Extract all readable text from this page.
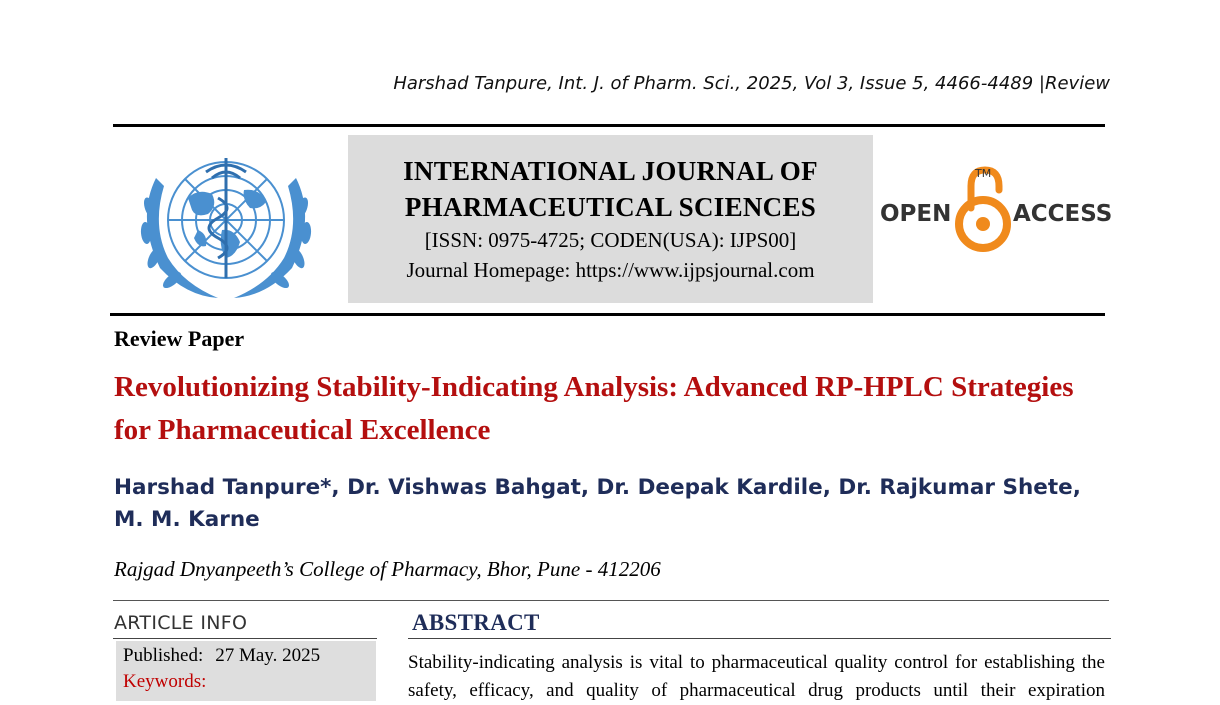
Harshad Tanpure, Int. J. of Pharm. Sci., 2025, Vol 3, Issue 5, 4466-4489 |Review

INTERNATIONAL JOURNAL OF

PHARMACEUTICAL SCIENCES

[ISSN: 0975-4725; CODEN(USA): IJPS00]

Journal Homepage: https://www.ijpsjournal.com

OPEN
TM
ACCESS
Review Paper
Revolutionizing Stability-Indicating Analysis: Advanced RP-HPLC Strategies for Pharmaceutical Excellence

Harshad Tanpure*, Dr. Vishwas Bahgat, Dr. Deepak Kardile, Dr. Rajkumar Shete, M. M. Karne

Rajgad Dnyanpeeth’s College of Pharmacy, Bhor, Pune - 412206
ARTICLE INFO
Published: 27 May. 2025
Keywords:
ABSTRACT

Stability-indicating analysis is vital to pharmaceutical quality control for establishing the safety, efficacy, and quality of pharmaceutical drug products until their expiration
